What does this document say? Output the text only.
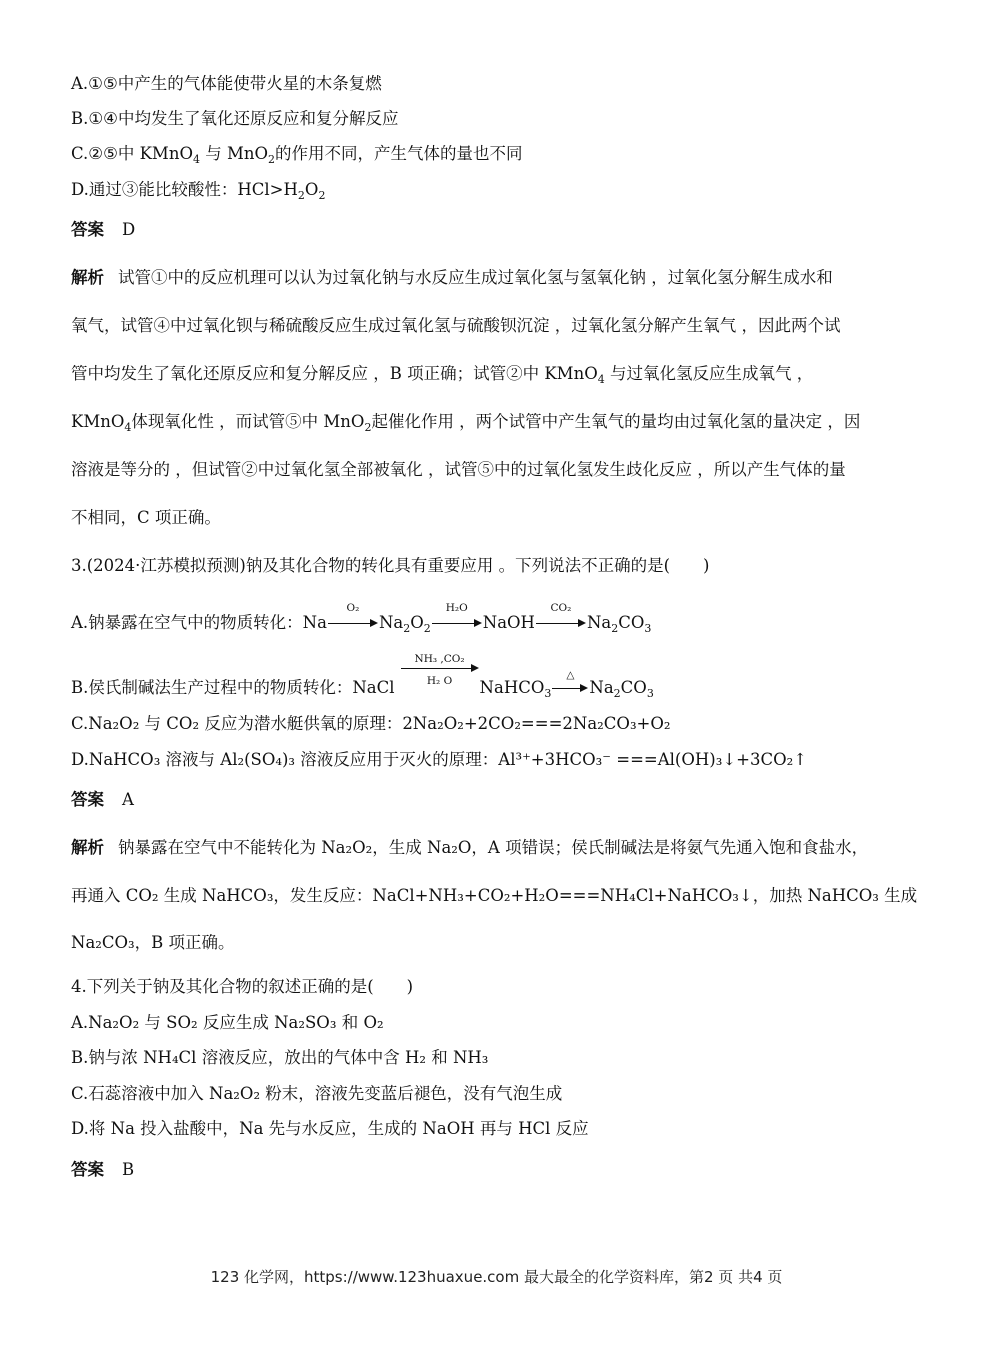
A.①⑤中产生的气体能使带火星的木条复燃
B.①④中均发生了氧化还原反应和复分解反应
C.②⑤中 KMnO$_4$ 与 MnO$_2$的作用不同，产生气体的量也不同
D.通过③能比较酸性：$HCl>H_2O_2$
答案 D
解析 试管①中的反应机理可以认为过氧化钠与水反应生成过氧化氢与氢氧化钠 ，过氧化氢分解生成水和
氧气，试管④中过氧化钡与稀硫酸反应生成过氧化氢与硫酸钡沉淀 ，过氧化氢分解产生氧气 ，因此两个试
管中均发生了氧化还原反应和复分解反应 ，B 项正确；试管②中 KMnO$_4$ 与过氧化氢反应生成氧气 ，
KMnO$_4$体现氧化性 ，而试管⑤中 MnO$_2$起催化作用 ，两个试管中产生氧气的量均由过氧化氢的量决定 ，因
溶液是等分的 ，但试管②中过氧化氢全部被氧化 ，试管⑤中的过氧化氢发生歧化反应 ，所以产生气体的量
不相同，C 项正确。
3.(2024·江苏模拟预测)钠及其化合物的转化具有重要应用 。下列说法不正确的是(　　)
A.钠暴露在空气中的物质转化：Na
O₂
$Na_2O_2$
H₂O
NaOH
CO₂
$Na_2CO_3$
B.侯氏制碱法生产过程中的物质转化：NaCl $\frac{\text{NH₃ ,CO₂}}{\text{H₂ O}}$ NaHCO$_3$
△
$Na_2CO_3$
C.Na₂O₂ 与 CO₂ 反应为潜水艇供氧的原理：2Na₂O₂+2CO₂===2Na₂CO₃+O₂
D.NaHCO₃ 溶液与 Al₂(SO₄)₃ 溶液反应用于灭火的原理：Al³⁺+3HCO₃⁻ ===Al(OH)₃↓+3CO₂↑
答案 A
解析 钠暴露在空气中不能转化为 Na₂O₂，生成 Na₂O，A 项错误；侯氏制碱法是将氨气先通入饱和食盐水，
再通入 CO₂ 生成 NaHCO₃，发生反应：NaCl+NH₃+CO₂+H₂O===NH₄Cl+NaHCO₃↓，加热 NaHCO₃ 生成
Na₂CO₃，B 项正确。
4.下列关于钠及其化合物的叙述正确的是(　　)
A.Na₂O₂ 与 SO₂ 反应生成 Na₂SO₃ 和 O₂
B.钠与浓 NH₄Cl 溶液反应，放出的气体中含 H₂ 和 NH₃
C.石蕊溶液中加入 Na₂O₂ 粉末，溶液先变蓝后褪色，没有气泡生成
D.将 Na 投入盐酸中，Na 先与水反应，生成的 NaOH 再与 HCl 反应
答案 B
123 化学网，https://www.123huaxue.com 最大最全的化学资料库，第2 页 共4 页
